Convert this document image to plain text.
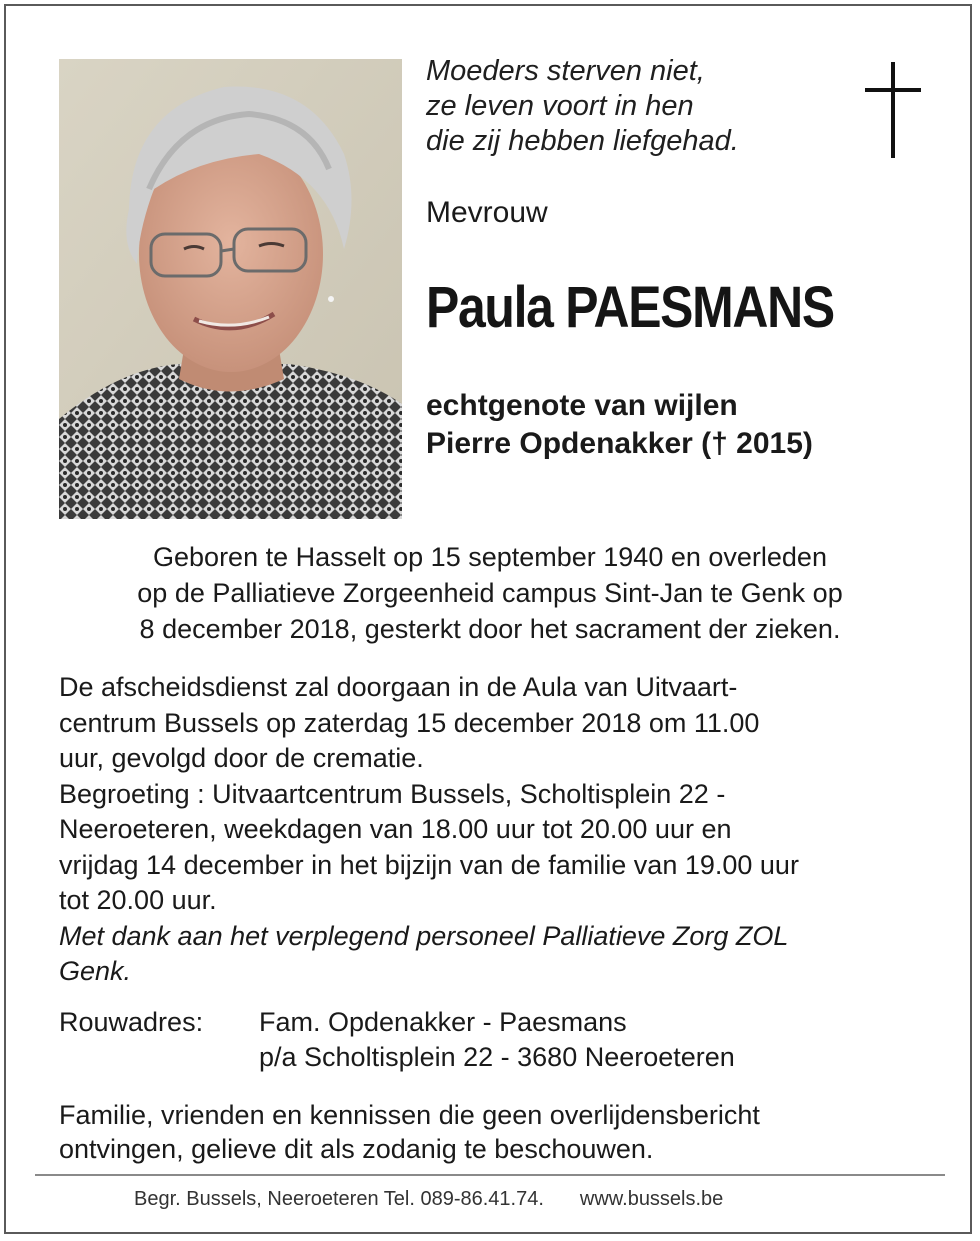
Moeders sterven niet,
ze leven voort in hen
die zij hebben liefgehad.
Mevrouw
Paula PAESMANS
echtgenote van wijlen
Pierre Opdenakker († 2015)
Geboren te Hasselt op 15 september 1940 en overleden
op de Palliatieve Zorgeenheid campus Sint-Jan te Genk op
8 december 2018, gesterkt door het sacrament der zieken.
De afscheidsdienst zal doorgaan in de Aula van Uitvaart-
centrum Bussels op zaterdag 15 december 2018 om 11.00
uur, gevolgd door de crematie.
Begroeting : Uitvaartcentrum Bussels, Scholtisplein 22 -
Neeroeteren, weekdagen van 18.00 uur tot 20.00 uur en
vrijdag 14 december in het bijzijn van de familie van 19.00 uur
tot 20.00 uur.
Met dank aan het verplegend personeel Palliatieve Zorg ZOL
Genk.
Rouwadres: Fam. Opdenakker - Paesmans
p/a Scholtisplein 22 - 3680 Neeroeteren
Familie, vrienden en kennissen die geen overlijdensbericht
ontvingen, gelieve dit als zodanig te beschouwen.
Begr. Bussels, Neeroeteren Tel. 089-86.41.74. www.bussels.be
